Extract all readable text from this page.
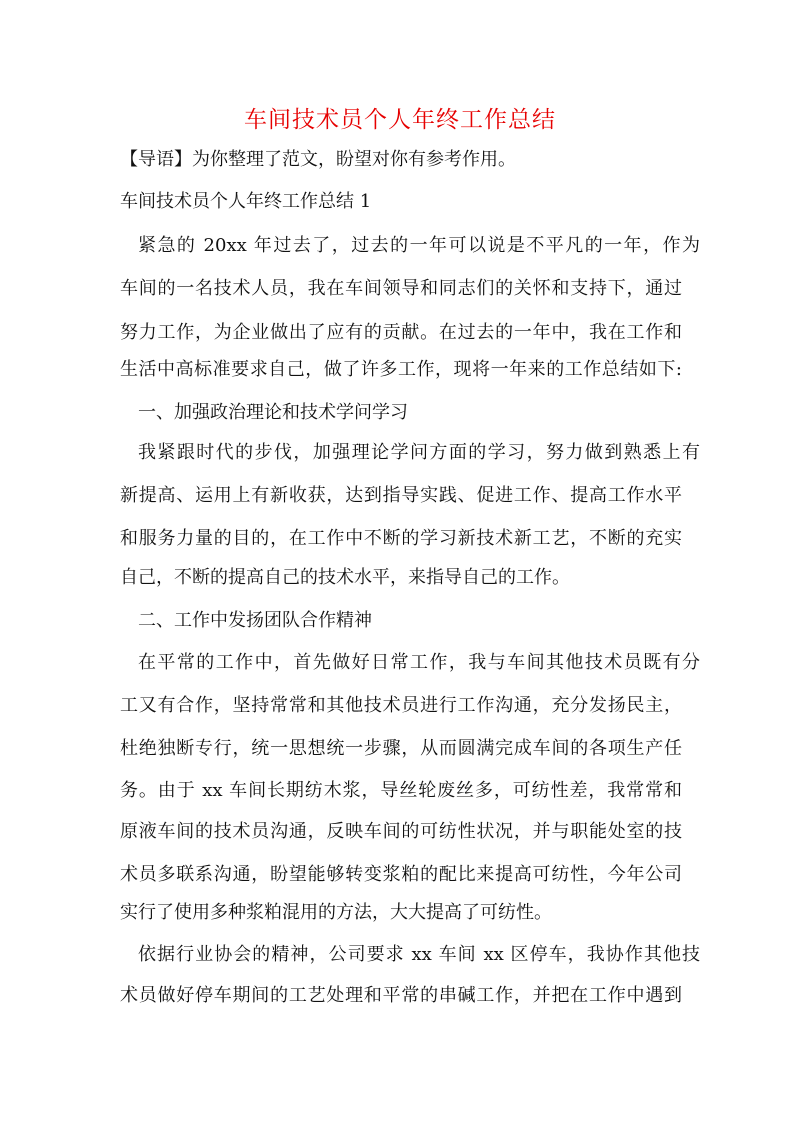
车间技术员个人年终工作总结
【导语】为你整理了范文，盼望对你有参考作用。
车间技术员个人年终工作总结 1
紧急的 20xx 年过去了，过去的一年可以说是不平凡的一年，作为
车间的一名技术人员，我在车间领导和同志们的关怀和支持下，通过
努力工作，为企业做出了应有的贡献。在过去的一年中，我在工作和
生活中高标准要求自己，做了许多工作，现将一年来的工作总结如下:
一、加强政治理论和技术学问学习
我紧跟时代的步伐，加强理论学问方面的学习，努力做到熟悉上有
新提高、运用上有新收获，达到指导实践、促进工作、提高工作水平
和服务力量的目的，在工作中不断的学习新技术新工艺，不断的充实
自己，不断的提高自己的技术水平，来指导自己的工作。
二、工作中发扬团队合作精神
在平常的工作中，首先做好日常工作，我与车间其他技术员既有分
工又有合作，坚持常常和其他技术员进行工作沟通，充分发扬民主，
杜绝独断专行，统一思想统一步骤，从而圆满完成车间的各项生产任
务。由于 xx 车间长期纺木浆，导丝轮废丝多，可纺性差，我常常和
原液车间的技术员沟通，反映车间的可纺性状况，并与职能处室的技
术员多联系沟通，盼望能够转变浆粕的配比来提高可纺性，今年公司
实行了使用多种浆粕混用的方法，大大提高了可纺性。
依据行业协会的精神，公司要求 xx 车间 xx 区停车，我协作其他技
术员做好停车期间的工艺处理和平常的串碱工作，并把在工作中遇到
